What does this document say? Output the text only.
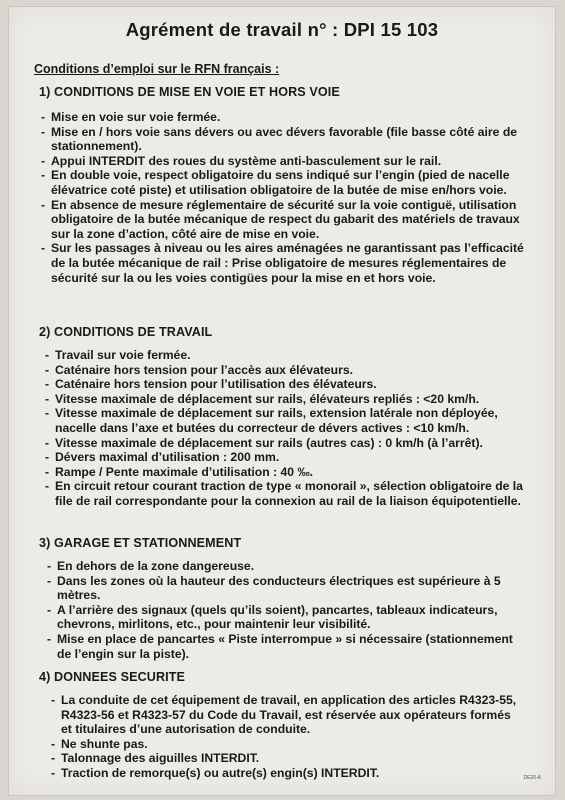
Agrément de travail n° : DPI 15 103
Conditions d’emploi sur le RFN français :
1) CONDITIONS DE MISE EN VOIE ET HORS VOIE
- Mise en voie sur voie fermée.
- Mise en / hors voie sans dévers ou avec dévers favorable (file basse côté aire de stationnement).
- Appui INTERDIT des roues du système anti-basculement sur le rail.
- En double voie, respect obligatoire du sens indiqué sur l’engin (pied de nacelle élévatrice coté piste) et utilisation obligatoire de la butée de mise en/hors voie.
- En absence de mesure réglementaire de sécurité sur la voie contiguë, utilisation obligatoire de la butée mécanique de respect du gabarit des matériels de travaux sur la zone d’action, côté aire de mise en voie.
- Sur les passages à niveau ou les aires aménagées ne garantissant pas l’efficacité de la butée mécanique de rail : Prise obligatoire de mesures réglementaires de sécurité sur la ou les voies contigües pour la mise en et hors voie.
2) CONDITIONS DE TRAVAIL
- Travail sur voie fermée.
- Caténaire hors tension pour l’accès aux élévateurs.
- Caténaire hors tension pour l’utilisation des élévateurs.
- Vitesse maximale de déplacement sur rails, élévateurs repliés : <20 km/h.
- Vitesse maximale de déplacement sur rails, extension latérale non déployée, nacelle dans l’axe et butées du correcteur de dévers actives : <10 km/h.
- Vitesse maximale de déplacement sur rails (autres cas) : 0 km/h (à l’arrêt).
- Dévers maximal d’utilisation : 200 mm.
- Rampe / Pente maximale d’utilisation : 40 ‰.
- En circuit retour courant traction de type « monorail », sélection obligatoire de la file de rail correspondante pour la connexion au rail de la liaison équipotentielle.
3) GARAGE ET STATIONNEMENT
- En dehors de la zone dangereuse.
- Dans les zones où la hauteur des conducteurs électriques est supérieure à 5 mètres.
- A l’arrière des signaux (quels qu’ils soient), pancartes, tableaux indicateurs, chevrons, mirlitons, etc., pour maintenir leur visibilité.
- Mise en place de pancartes « Piste interrompue » si nécessaire (stationnement de l’engin sur la piste).
4) DONNEES SECURITE
- La conduite de cet équipement de travail, en application des articles R4323-55, R4323-56 et R4323-57 du Code du Travail, est réservée aux opérateurs formés et titulaires d’une autorisation de conduite.
- Ne shunte pas.
- Talonnage des aiguilles INTERDIT.
- Traction de remorque(s) ou autre(s) engin(s) INTERDIT.	DE20-A
